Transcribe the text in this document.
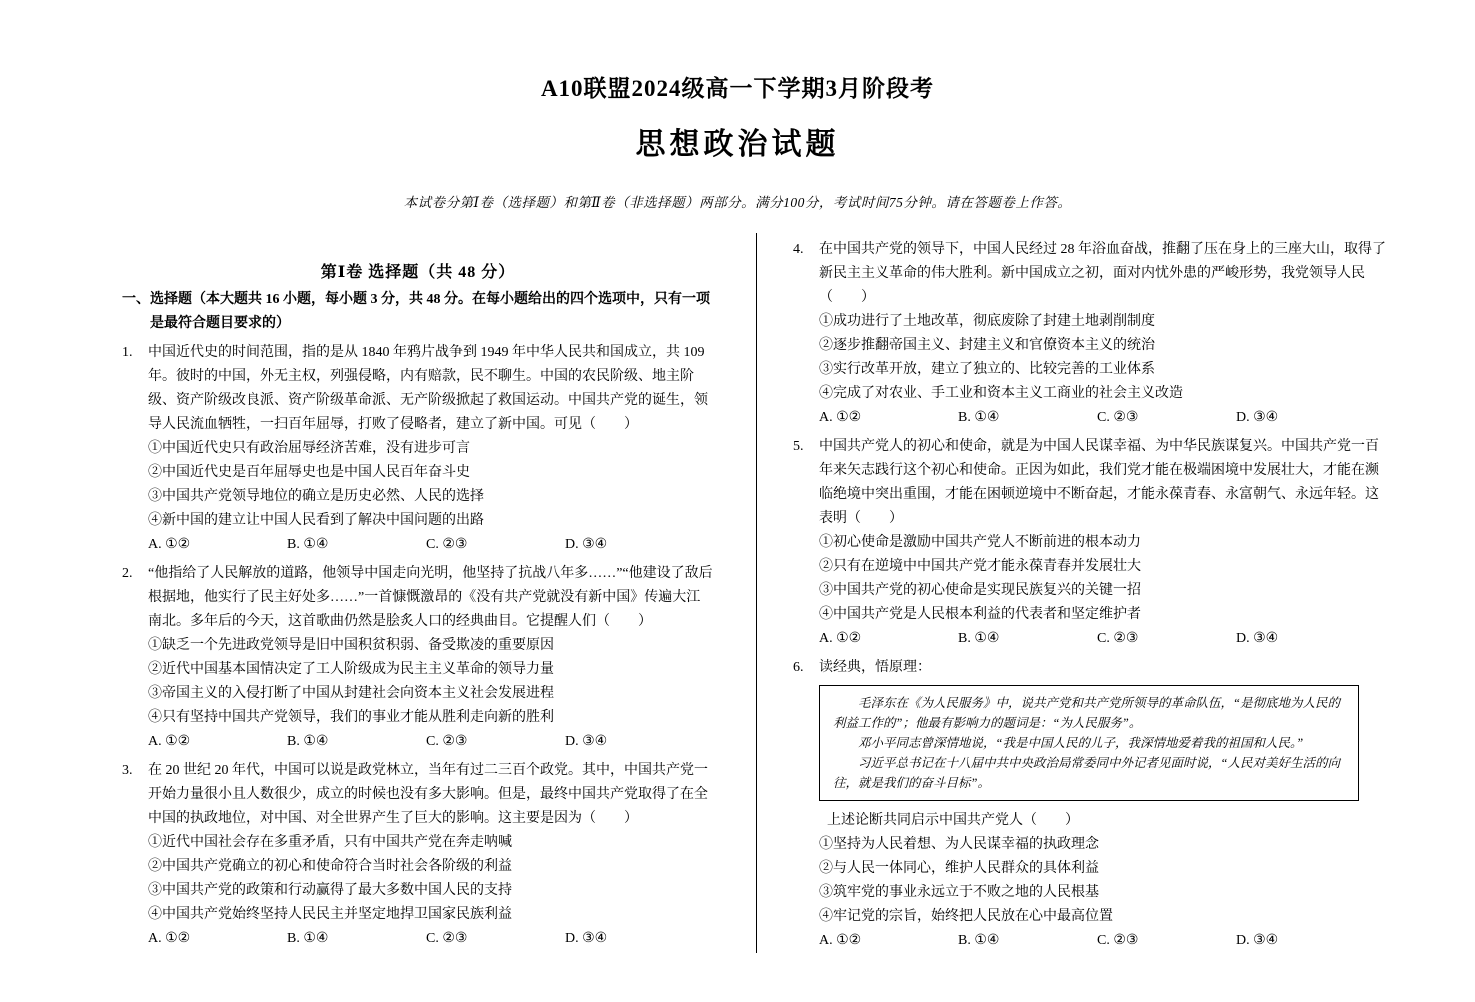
A10联盟2024级高一下学期3月阶段考
思想政治试题
本试卷分第Ⅰ卷（选择题）和第Ⅱ卷（非选择题）两部分。满分100分，考试时间75分钟。请在答题卷上作答。
第Ⅰ卷 选择题（共 48 分）
一、选择题（本大题共 16 小题，每小题 3 分，共 48 分。在每小题给出的四个选项中，只有一项是最符合题目要求的）
1. 中国近代史的时间范围，指的是从 1840 年鸦片战争到 1949 年中华人民共和国成立，共 109 年。彼时的中国，外无主权，列强侵略，内有赔款，民不聊生。中国的农民阶级、地主阶级、资产阶级改良派、资产阶级革命派、无产阶级掀起了救国运动。中国共产党的诞生，领导人民流血牺牲，一扫百年屈辱，打败了侵略者，建立了新中国。可见（　　）
①中国近代史只有政治屈辱经济苦难，没有进步可言
②中国近代史是百年屈辱史也是中国人民百年奋斗史
③中国共产党领导地位的确立是历史必然、人民的选择
④新中国的建立让中国人民看到了解决中国问题的出路
A. ①②	B. ①④	C. ②③	D. ③④
2. “他指给了人民解放的道路，他领导中国走向光明，他坚持了抗战八年多……”“他建设了敌后根据地，他实行了民主好处多……”一首慷慨激昂的《没有共产党就没有新中国》传遍大江南北。多年后的今天，这首歌曲仍然是脍炙人口的经典曲目。它提醒人们（　　）
①缺乏一个先进政党领导是旧中国积贫积弱、备受欺凌的重要原因
②近代中国基本国情决定了工人阶级成为民主主义革命的领导力量
③帝国主义的入侵打断了中国从封建社会向资本主义社会发展进程
④只有坚持中国共产党领导，我们的事业才能从胜利走向新的胜利
A. ①②	B. ①④	C. ②③	D. ③④
3. 在 20 世纪 20 年代，中国可以说是政党林立，当年有过二三百个政党。其中，中国共产党一开始力量很小且人数很少，成立的时候也没有多大影响。但是，最终中国共产党取得了在全中国的执政地位，对中国、对全世界产生了巨大的影响。这主要是因为（　　）
①近代中国社会存在多重矛盾，只有中国共产党在奔走呐喊
②中国共产党确立的初心和使命符合当时社会各阶级的利益
③中国共产党的政策和行动赢得了最大多数中国人民的支持
④中国共产党始终坚持人民民主并坚定地捍卫国家民族利益
A. ①②	B. ①④	C. ②③	D. ③④
4. 在中国共产党的领导下，中国人民经过 28 年浴血奋战，推翻了压在身上的三座大山，取得了新民主主义革命的伟大胜利。新中国成立之初，面对内忧外患的严峻形势，我党领导人民（　　）
①成功进行了土地改革，彻底废除了封建土地剥削制度
②逐步推翻帝国主义、封建主义和官僚资本主义的统治
③实行改革开放，建立了独立的、比较完善的工业体系
④完成了对农业、手工业和资本主义工商业的社会主义改造
A. ①②	B. ①④	C. ②③	D. ③④
5. 中国共产党人的初心和使命，就是为中国人民谋幸福、为中华民族谋复兴。中国共产党一百年来矢志践行这个初心和使命。正因为如此，我们党才能在极端困境中发展壮大，才能在濒临绝境中突出重围，才能在困顿逆境中不断奋起，才能永葆青春、永富朝气、永远年轻。这表明（　　）
①初心使命是激励中国共产党人不断前进的根本动力
②只有在逆境中中国共产党才能永葆青春并发展壮大
③中国共产党的初心使命是实现民族复兴的关键一招
④中国共产党是人民根本利益的代表者和坚定维护者
A. ①②	B. ①④	C. ②③	D. ③④
6. 读经典，悟原理：

毛泽东在《为人民服务》中，说共产党和共产党所领导的革命队伍，“是彻底地为人民的利益工作的”；他最有影响力的题词是：“为人民服务”。

邓小平同志曾深情地说，“我是中国人民的儿子，我深情地爱着我的祖国和人民。”

习近平总书记在十八届中共中央政治局常委同中外记者见面时说，“人民对美好生活的向往，就是我们的奋斗目标”。

上述论断共同启示中国共产党人（　　）
①坚持为人民着想、为人民谋幸福的执政理念
②与人民一体同心，维护人民群众的具体利益
③筑牢党的事业永远立于不败之地的人民根基
④牢记党的宗旨，始终把人民放在心中最高位置
A. ①②	B. ①④	C. ②③	D. ③④
